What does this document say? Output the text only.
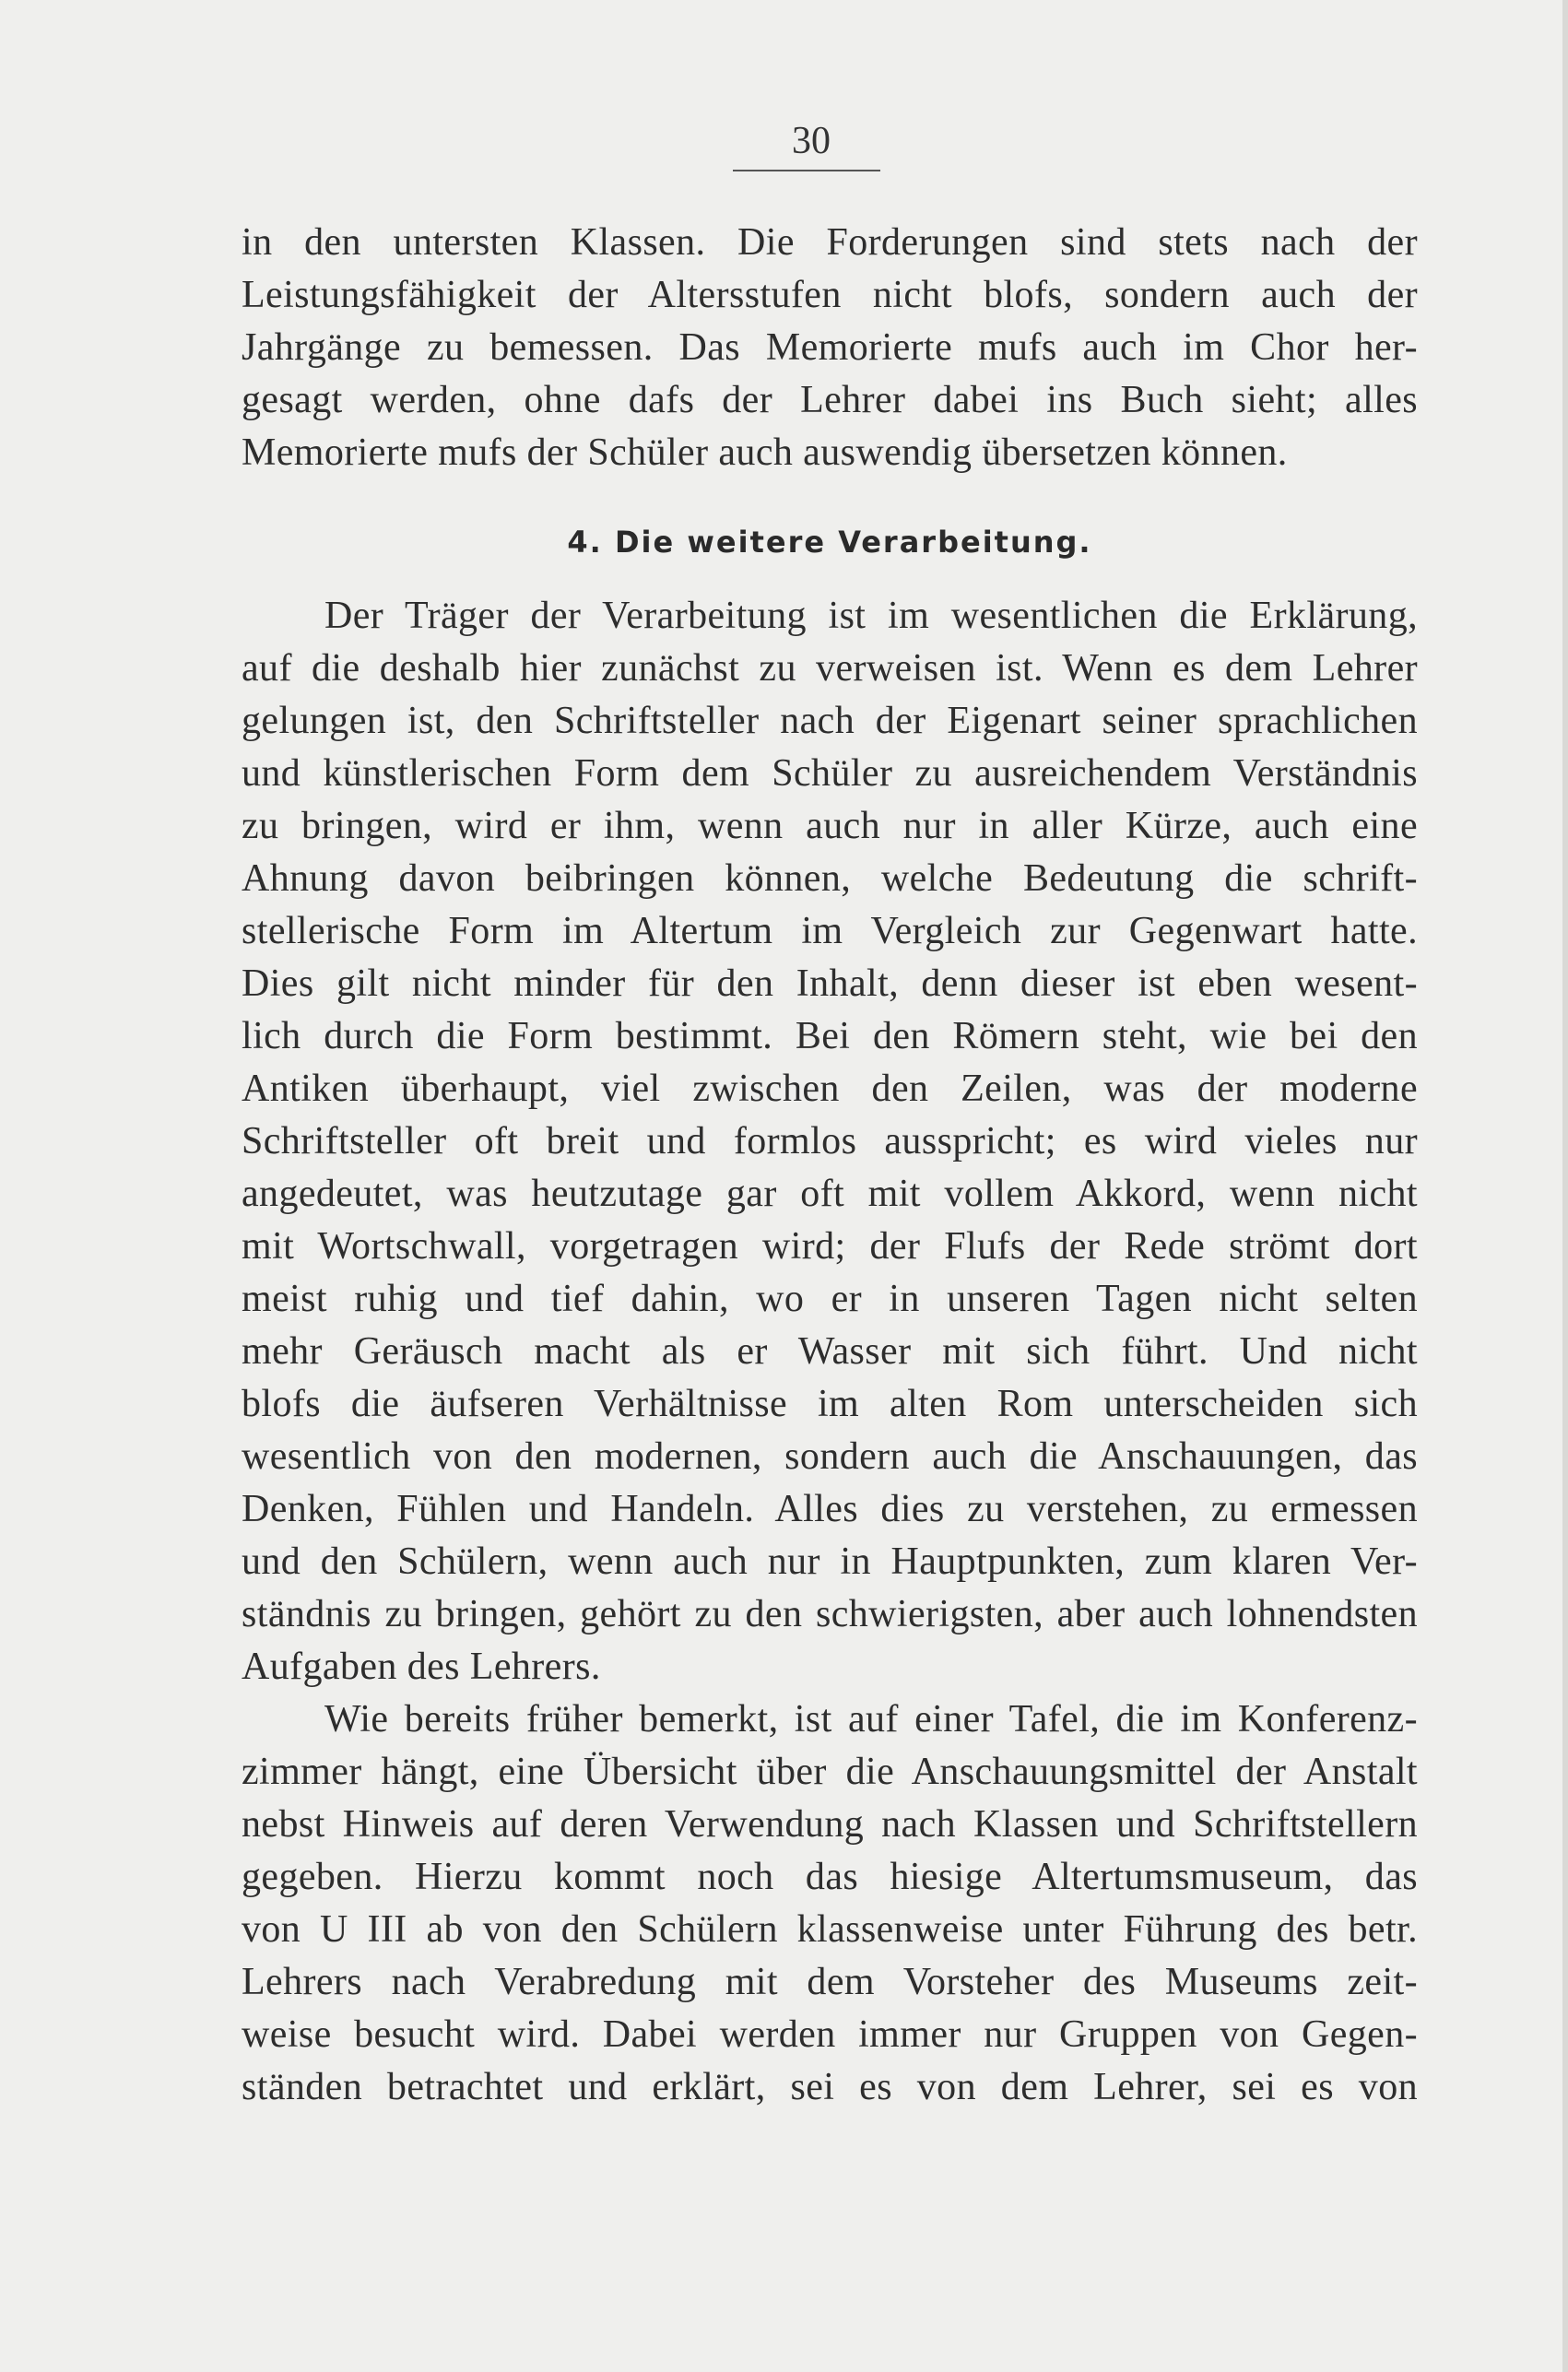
30
in den untersten Klassen. Die Forderungen sind stets nach der
Leistungsfähigkeit der Altersstufen nicht blofs, sondern auch der
Jahrgänge zu bemessen. Das Memorierte mufs auch im Chor her-
gesagt werden, ohne dafs der Lehrer dabei ins Buch sieht; alles
Memorierte mufs der Schüler auch auswendig übersetzen können.
4. Die weitere Verarbeitung.
Der Träger der Verarbeitung ist im wesentlichen die Erklärung,
auf die deshalb hier zunächst zu verweisen ist. Wenn es dem Lehrer
gelungen ist, den Schriftsteller nach der Eigenart seiner sprachlichen
und künstlerischen Form dem Schüler zu ausreichendem Verständnis
zu bringen, wird er ihm, wenn auch nur in aller Kürze, auch eine
Ahnung davon beibringen können, welche Bedeutung die schrift-
stellerische Form im Altertum im Vergleich zur Gegenwart hatte.
Dies gilt nicht minder für den Inhalt, denn dieser ist eben wesent-
lich durch die Form bestimmt. Bei den Römern steht, wie bei den
Antiken überhaupt, viel zwischen den Zeilen, was der moderne
Schriftsteller oft breit und formlos ausspricht; es wird vieles nur
angedeutet, was heutzutage gar oft mit vollem Akkord, wenn nicht
mit Wortschwall, vorgetragen wird; der Flufs der Rede strömt dort
meist ruhig und tief dahin, wo er in unseren Tagen nicht selten
mehr Geräusch macht als er Wasser mit sich führt. Und nicht
blofs die äufseren Verhältnisse im alten Rom unterscheiden sich
wesentlich von den modernen, sondern auch die Anschauungen, das
Denken, Fühlen und Handeln. Alles dies zu verstehen, zu ermessen
und den Schülern, wenn auch nur in Hauptpunkten, zum klaren Ver-
ständnis zu bringen, gehört zu den schwierigsten, aber auch lohnendsten
Aufgaben des Lehrers.
Wie bereits früher bemerkt, ist auf einer Tafel, die im Konferenz-
zimmer hängt, eine Übersicht über die Anschauungsmittel der Anstalt
nebst Hinweis auf deren Verwendung nach Klassen und Schriftstellern
gegeben. Hierzu kommt noch das hiesige Altertumsmuseum, das
von U III ab von den Schülern klassenweise unter Führung des betr.
Lehrers nach Verabredung mit dem Vorsteher des Museums zeit-
weise besucht wird. Dabei werden immer nur Gruppen von Gegen-
ständen betrachtet und erklärt, sei es von dem Lehrer, sei es von
